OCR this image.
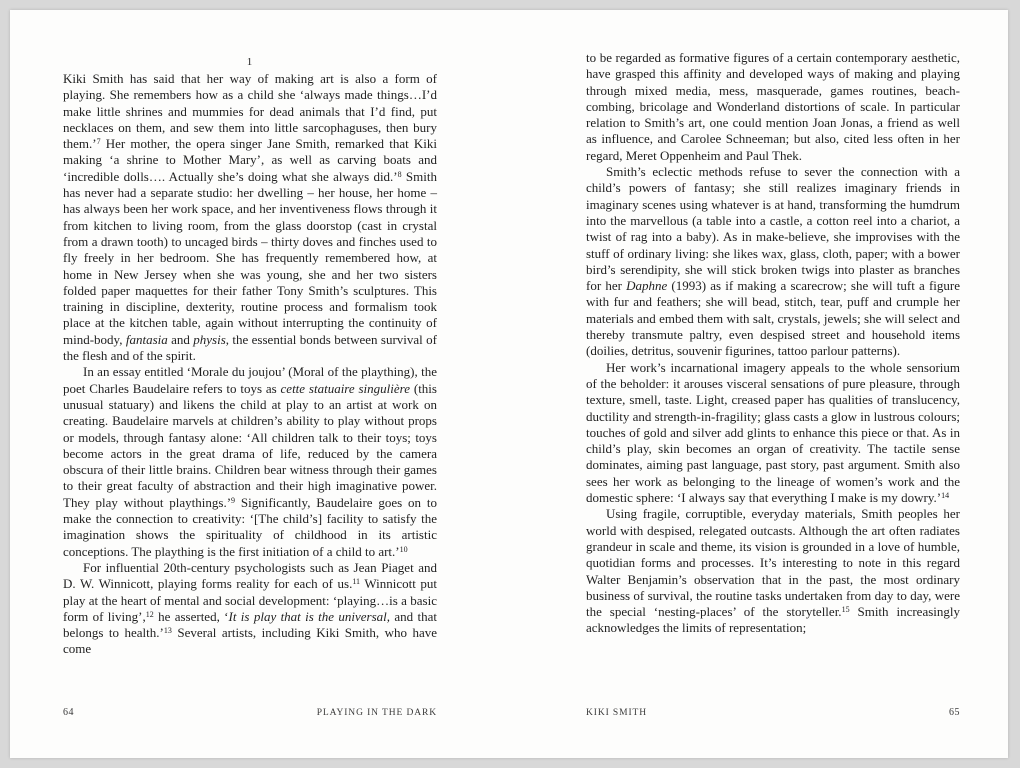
1

Kiki Smith has said that her way of making art is also a form of playing. She remembers how as a child she ‘always made things…I’d make little shrines and mummies for dead animals that I’d find, put necklaces on them, and sew them into little sarcophaguses, then bury them.’$^7$ Her mother, the opera singer Jane Smith, remarked that Kiki making ‘a shrine to Mother Mary’, as well as carving boats and ‘incredible dolls…. Actually she’s doing what she always did.’$^8$ Smith has never had a separate studio: her dwelling – her house, her home – has always been her work space, and her inventiveness flows through it from kitchen to living room, from the glass doorstop (cast in crystal from a drawn tooth) to uncaged birds – thirty doves and finches used to fly freely in her bedroom. She has frequently remembered how, at home in New Jersey when she was young, she and her two sisters folded paper maquettes for their father Tony Smith’s sculptures. This training in discipline, dexterity, routine process and formalism took place at the kitchen table, again without interrupting the continuity of mind-body, fantasia and physis, the essential bonds between survival of the flesh and of the spirit.

In an essay entitled ‘Morale du joujou’ (Moral of the plaything), the poet Charles Baudelaire refers to toys as cette statuaire singulière (this unusual statuary) and likens the child at play to an artist at work on creating. Baudelaire marvels at children’s ability to play without props or models, through fantasy alone: ‘All children talk to their toys; toys become actors in the great drama of life, reduced by the camera obscura of their little brains. Children bear witness through their games to their great faculty of abstraction and their high imaginative power. They play without playthings.’$^9$ Significantly, Baudelaire goes on to make the connection to creativity: ‘[The child’s] facility to satisfy the imagination shows the spirituality of childhood in its artistic conceptions. The plaything is the first initiation of a child to art.’$^{10}$

For influential 20th-century psychologists such as Jean Piaget and D. W. Winnicott, playing forms reality for each of us.$^{11}$ Winnicott put play at the heart of mental and social development: ‘playing…is a basic form of living’,$^{12}$ he asserted, ‘It is play that is the universal, and that belongs to health.’$^{13}$ Several artists, including Kiki Smith, who have come

64	PLAYING IN THE DARK

to be regarded as formative figures of a certain contemporary aesthetic, have grasped this affinity and developed ways of making and playing through mixed media, mess, masquerade, games routines, beach-combing, bricolage and Wonderland distortions of scale. In particular relation to Smith’s art, one could mention Joan Jonas, a friend as well as influence, and Carolee Schneeman; but also, cited less often in her regard, Meret Oppenheim and Paul Thek.

Smith’s eclectic methods refuse to sever the connection with a child’s powers of fantasy; she still realizes imaginary friends in imaginary scenes using whatever is at hand, transforming the humdrum into the marvellous (a table into a castle, a cotton reel into a chariot, a twist of rag into a baby). As in make-believe, she improvises with the stuff of ordinary living: she likes wax, glass, cloth, paper; with a bower bird’s serendipity, she will stick broken twigs into plaster as branches for her Daphne (1993) as if making a scarecrow; she will tuft a figure with fur and feathers; she will bead, stitch, tear, puff and crumple her materials and embed them with salt, crystals, jewels; she will select and thereby transmute paltry, even despised street and household items (doilies, detritus, souvenir figurines, tattoo parlour patterns).

Her work’s incarnational imagery appeals to the whole sensorium of the beholder: it arouses visceral sensations of pure pleasure, through texture, smell, taste. Light, creased paper has qualities of translucency, ductility and strength-in-fragility; glass casts a glow in lustrous colours; touches of gold and silver add glints to enhance this piece or that. As in child’s play, skin becomes an organ of creativity. The tactile sense dominates, aiming past language, past story, past argument. Smith also sees her work as belonging to the lineage of women’s work and the domestic sphere: ‘I always say that everything I make is my dowry.’$^{14}$

Using fragile, corruptible, everyday materials, Smith peoples her world with despised, relegated outcasts. Although the art often radiates grandeur in scale and theme, its vision is grounded in a love of humble, quotidian forms and processes. It’s interesting to note in this regard Walter Benjamin’s observation that in the past, the most ordinary business of survival, the routine tasks undertaken from day to day, were the special ‘nesting-places’ of the storyteller.$^{15}$ Smith increasingly acknowledges the limits of representation;

KIKI SMITH	65
